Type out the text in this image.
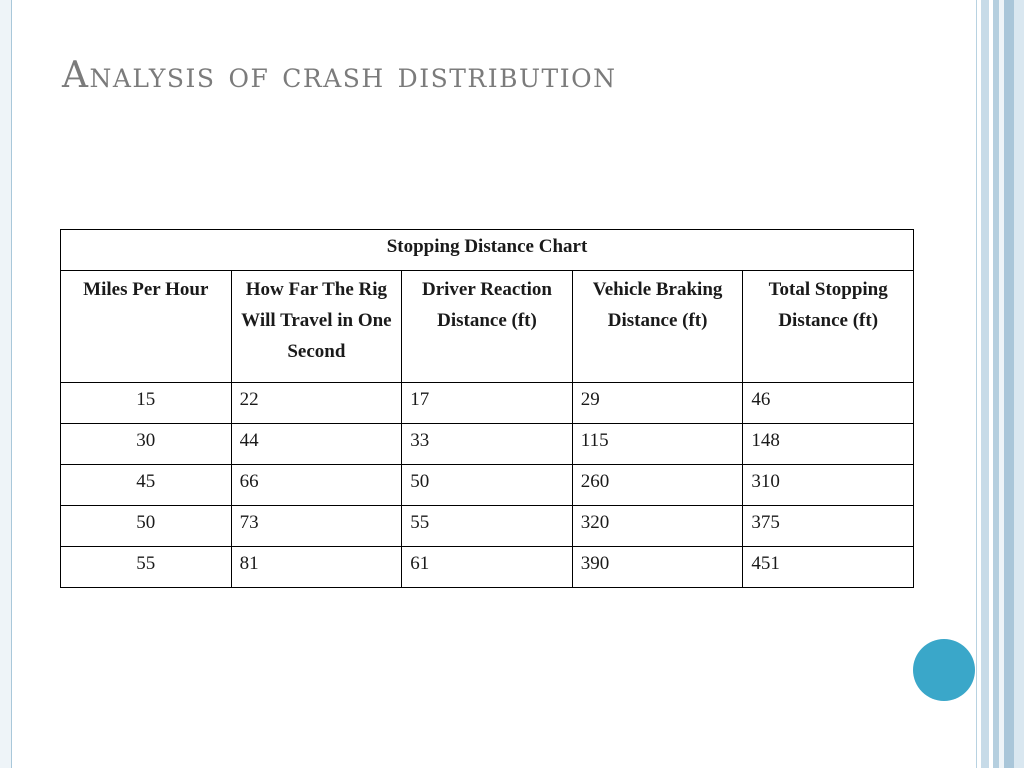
Analysis of crash distribution
Stopping Distance Chart				
Miles Per Hour	How Far The Rig Will Travel in One Second	Driver Reaction Distance (ft)	Vehicle Braking Distance (ft)	Total Stopping Distance (ft)
15	22	17	29	46
30	44	33	115	148
45	66	50	260	310
50	73	55	320	375
55	81	61	390	451
